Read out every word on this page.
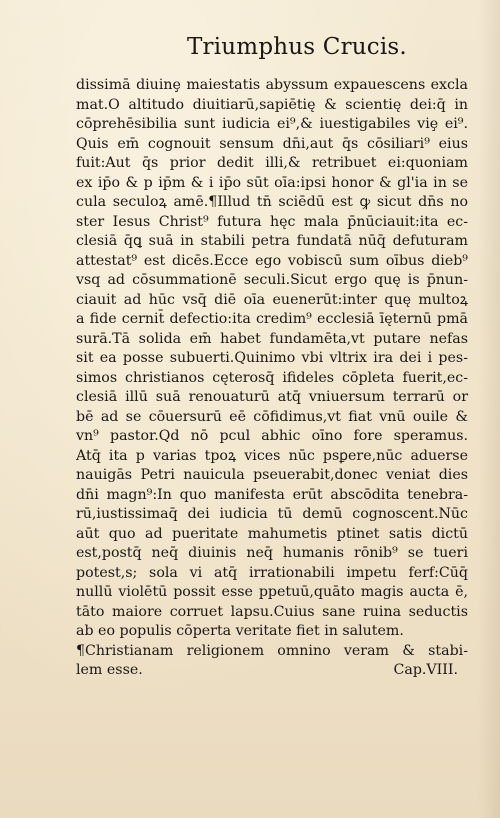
Triumphus Crucis.
dissimā diuinȩ maiestatis abyssum expauescens excla
mat.O altitudo diuitiarū,sapiētię & scientię dei:q̄ in
cōprehēsibilia sunt iudicia ei⁹,& iuestigabiles viȩ ei⁹.
Quis em̄ cognouit sensum dn̄i,aut q̄s cōsiliari⁹ eius
fuit:Aut q̄s prior dedit illi,& retribuet ei:quoniam
ex ip̄o & p ip̄m & i ip̄o sūt oīa:ipsi honor & gl'ia in se
cula seculoꝝ amē.¶Illud tn̄ sciēdū est ꝙ sicut dn̄s no
ster Iesus Christ⁹ futura hęc mala p̄nūciauit:ita ec-
clesiā q̄ꝗ suā in stabili petra fundatā nūq̄ defuturam
attestat⁹ est dicēs.Ecce ego vobiscū sum oībus dieb⁹
vsq ad cōsummationē seculi.Sicut ergo quę is p̄nun-
ciauit ad hūc vsq̄ diē oīa euenerūt:inter quę multoꝝ
a fide cernit̄ defectio:ita credim⁹ ecclesiā īęternū pmā
surā.Tā solida em̄ habet fundamēta,vt putare nefas
sit ea posse subuerti.Quinimo vbi vltrix ira dei i pes-
simos christianos cęterosq̄ ifideles cōpleta fuerit,ec-
clesiā illū suā renouaturū atq̄ vniuersum terrarū or
bē ad se cōuersurū eē cōfidimus,vt fiat vnū ouile &
vn⁹ pastor.Qd nō pcul abhic oīno fore speramus.
Atq̄ ita p varias tpoꝝ vices nūc psꝑere,nūc aduerse
nauigās Petri nauicula pseuerabit,donec veniat dies
dn̄i magn⁹:In quo manifesta erūt abscōdita tenebra-
rū,iustissimaq̄ dei iudicia tū demū cognoscent.Nūc
aūt quo ad pueritate mahumetis ptinet satis dictū
est,postq̄ neq̄ diuinis neq̄ humanis rōnib⁹ se tueri
potest,s; sola vi atq̄ irrationabili impetu ferf:Cūq̄
nullū violētū possit esse ppetuū,quāto magis aucta ē,
tāto maiore corruet lapsu.Cuius sane ruina seductis
ab eo populis cōperta veritate fiet in salutem.
¶Christianam religionem omnino veram & stabi-
lem esse.	Cap.VIII.
